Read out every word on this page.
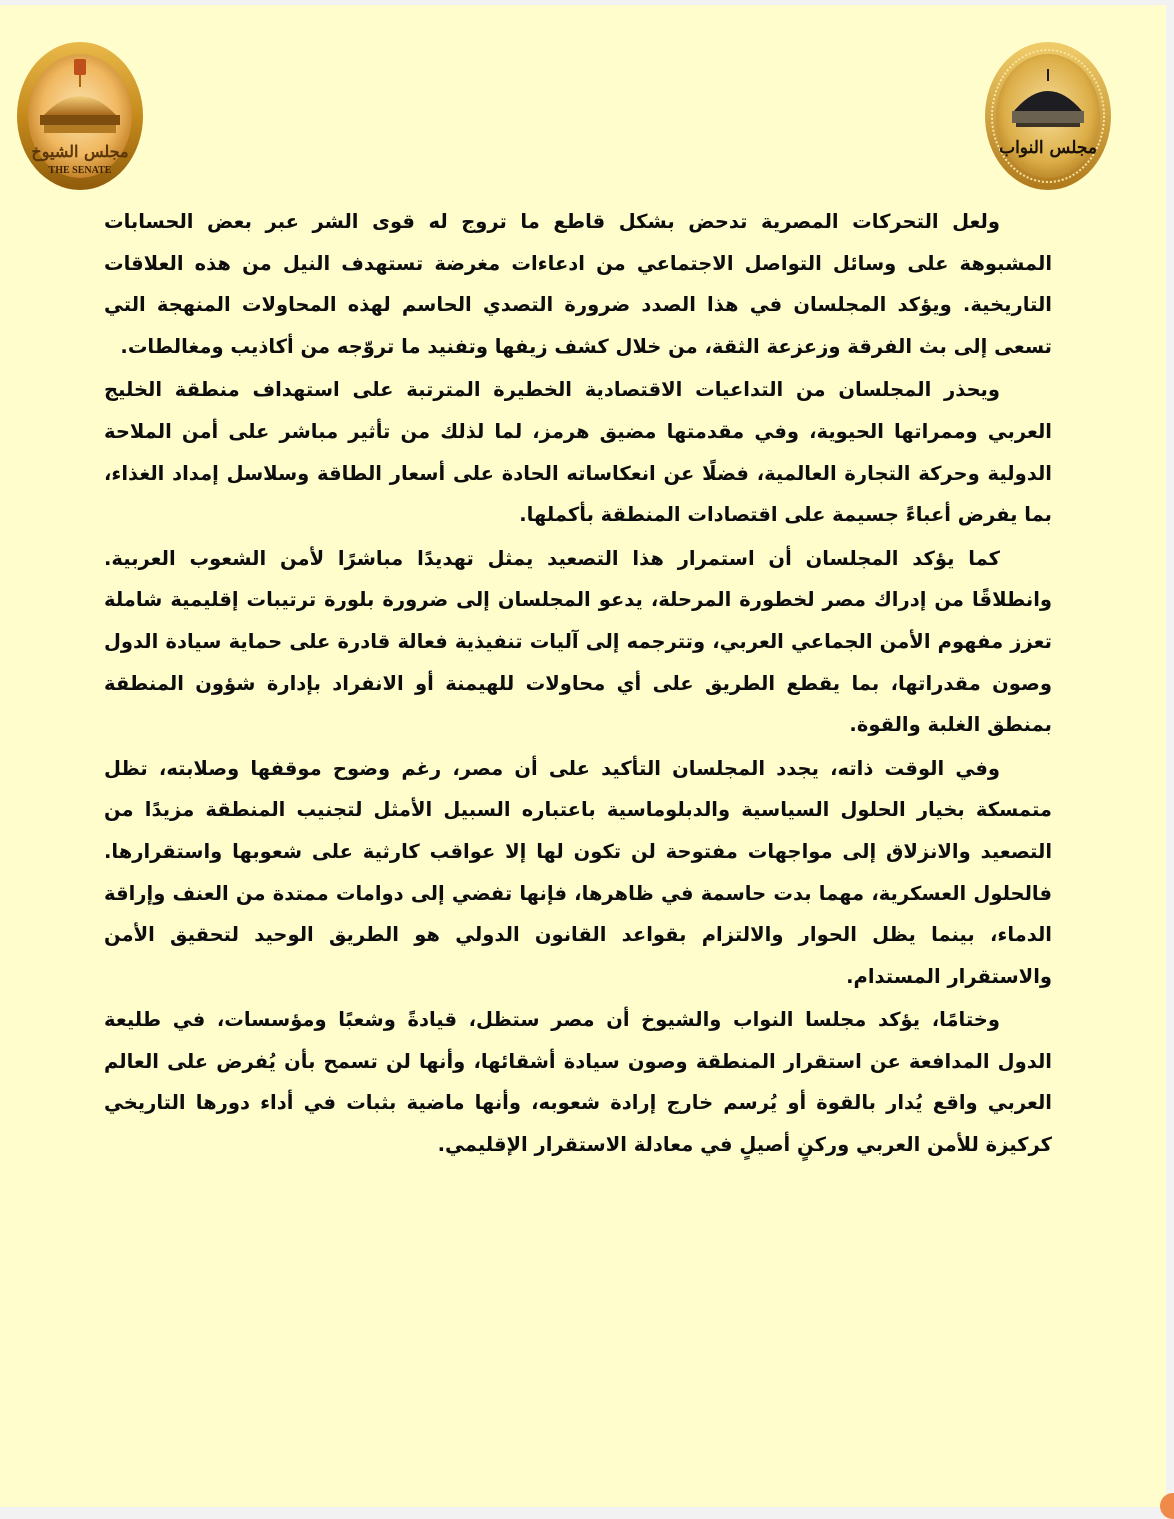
مجلس الشيوخ
THE SENATE
مجلس النواب

ولعل التحركات المصرية تدحض بشكل قاطع ما تروج له قوى الشر عبر بعض الحسابات المشبوهة على وسائل التواصل الاجتماعي من ادعاءات مغرضة تستهدف النيل من هذه العلاقات التاريخية. ويؤكد المجلسان في هذا الصدد ضرورة التصدي الحاسم لهذه المحاولات المنهجة التي تسعى إلى بث الفرقة وزعزعة الثقة، من خلال كشف زيفها وتفنيد ما تروّجه من أكاذيب ومغالطات.

ويحذر المجلسان من التداعيات الاقتصادية الخطيرة المترتبة على استهداف منطقة الخليج العربي وممراتها الحيوية، وفي مقدمتها مضيق هرمز، لما لذلك من تأثير مباشر على أمن الملاحة الدولية وحركة التجارة العالمية، فضلًا عن انعكاساته الحادة على أسعار الطاقة وسلاسل إمداد الغذاء، بما يفرض أعباءً جسيمة على اقتصادات المنطقة بأكملها.

كما يؤكد المجلسان أن استمرار هذا التصعيد يمثل تهديدًا مباشرًا لأمن الشعوب العربية. وانطلاقًا من إدراك مصر لخطورة المرحلة، يدعو المجلسان إلى ضرورة بلورة ترتيبات إقليمية شاملة تعزز مفهوم الأمن الجماعي العربي، وتترجمه إلى آليات تنفيذية فعالة قادرة على حماية سيادة الدول وصون مقدراتها، بما يقطع الطريق على أي محاولات للهيمنة أو الانفراد بإدارة شؤون المنطقة بمنطق الغلبة والقوة.

وفي الوقت ذاته، يجدد المجلسان التأكيد على أن مصر، رغم وضوح موقفها وصلابته، تظل متمسكة بخيار الحلول السياسية والدبلوماسية باعتباره السبيل الأمثل لتجنيب المنطقة مزيدًا من التصعيد والانزلاق إلى مواجهات مفتوحة لن تكون لها إلا عواقب كارثية على شعوبها واستقرارها. فالحلول العسكرية، مهما بدت حاسمة في ظاهرها، فإنها تفضي إلى دوامات ممتدة من العنف وإراقة الدماء، بينما يظل الحوار والالتزام بقواعد القانون الدولي هو الطريق الوحيد لتحقيق الأمن والاستقرار المستدام.

وختامًا، يؤكد مجلسا النواب والشيوخ أن مصر ستظل، قيادةً وشعبًا ومؤسسات، في طليعة الدول المدافعة عن استقرار المنطقة وصون سيادة أشقائها، وأنها لن تسمح بأن يُفرض على العالم العربي واقع يُدار بالقوة أو يُرسم خارج إرادة شعوبه، وأنها ماضية بثبات في أداء دورها التاريخي كركيزة للأمن العربي وركنٍ أصيلٍ في معادلة الاستقرار الإقليمي.
